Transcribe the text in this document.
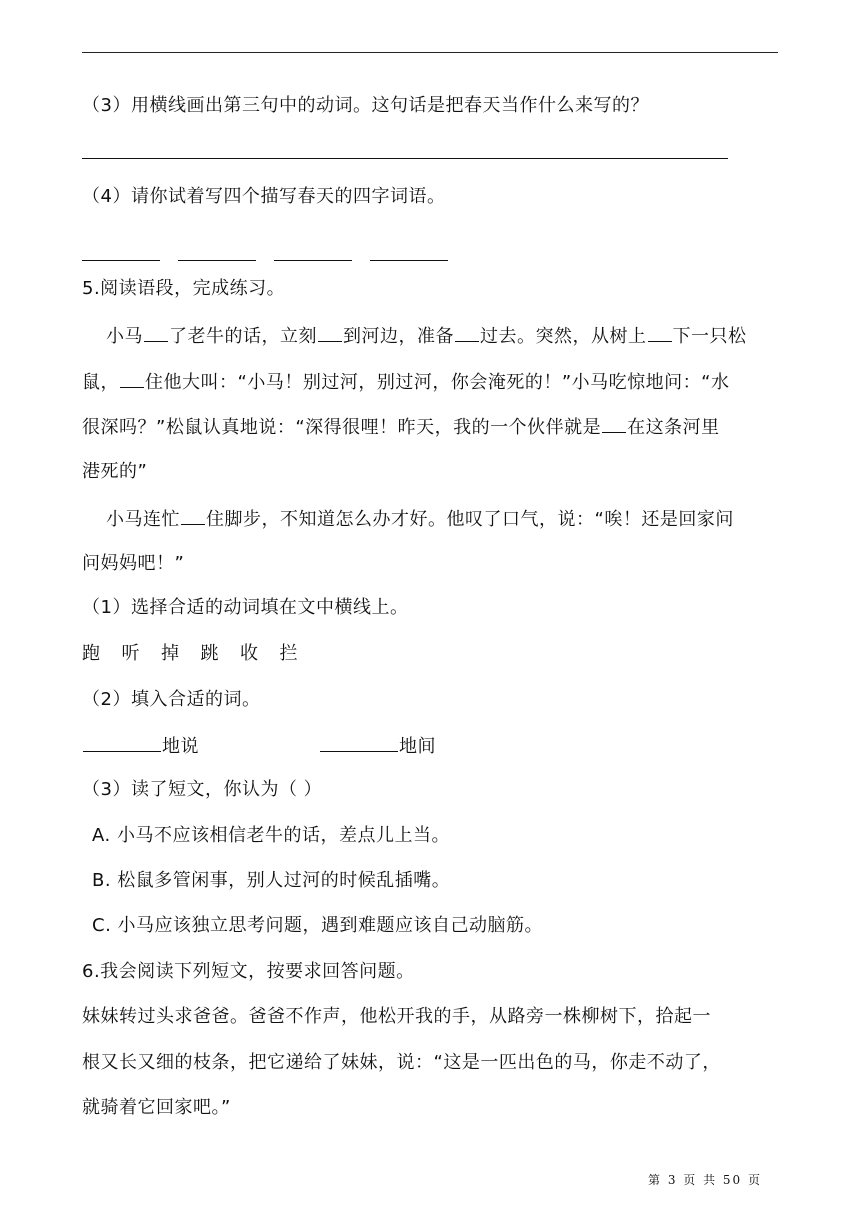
（3）用横线画出第三句中的动词。这句话是把春天当作什么来写的？
（4）请你试着写四个描写春天的四字词语。
5.阅读语段，完成练习。
小马 了老牛的话，立刻 到河边，准备 过去。突然，从树上 下一只松
鼠， 住他大叫：“小马！别过河，别过河，你会淹死的！”小马吃惊地问：“水
很深吗？”松鼠认真地说：“深得很哩！昨天，我的一个伙伴就是 在这条河里
港死的”
小马连忙 住脚步，不知道怎么办才好。他叹了口气，说：“唉！还是回家问
问妈妈吧！”
（1）选择合适的动词填在文中横线上。
跑 听 掉 跳 收 拦
（2）填入合适的词。
地说	地间
（3）读了短文，你认为（ ）
A. 小马不应该相信老牛的话，差点儿上当。
B. 松鼠多管闲事，别人过河的时候乱插嘴。
C. 小马应该独立思考问题，遇到难题应该自己动脑筋。
6.我会阅读下列短文，按要求回答问题。
妹妹转过头求爸爸。爸爸不作声，他松开我的手，从路旁一株柳树下，拾起一
根又长又细的枝条，把它递给了妹妹，说：“这是一匹出色的马，你走不动了，
就骑着它回家吧。”
第 3 页 共 50 页
